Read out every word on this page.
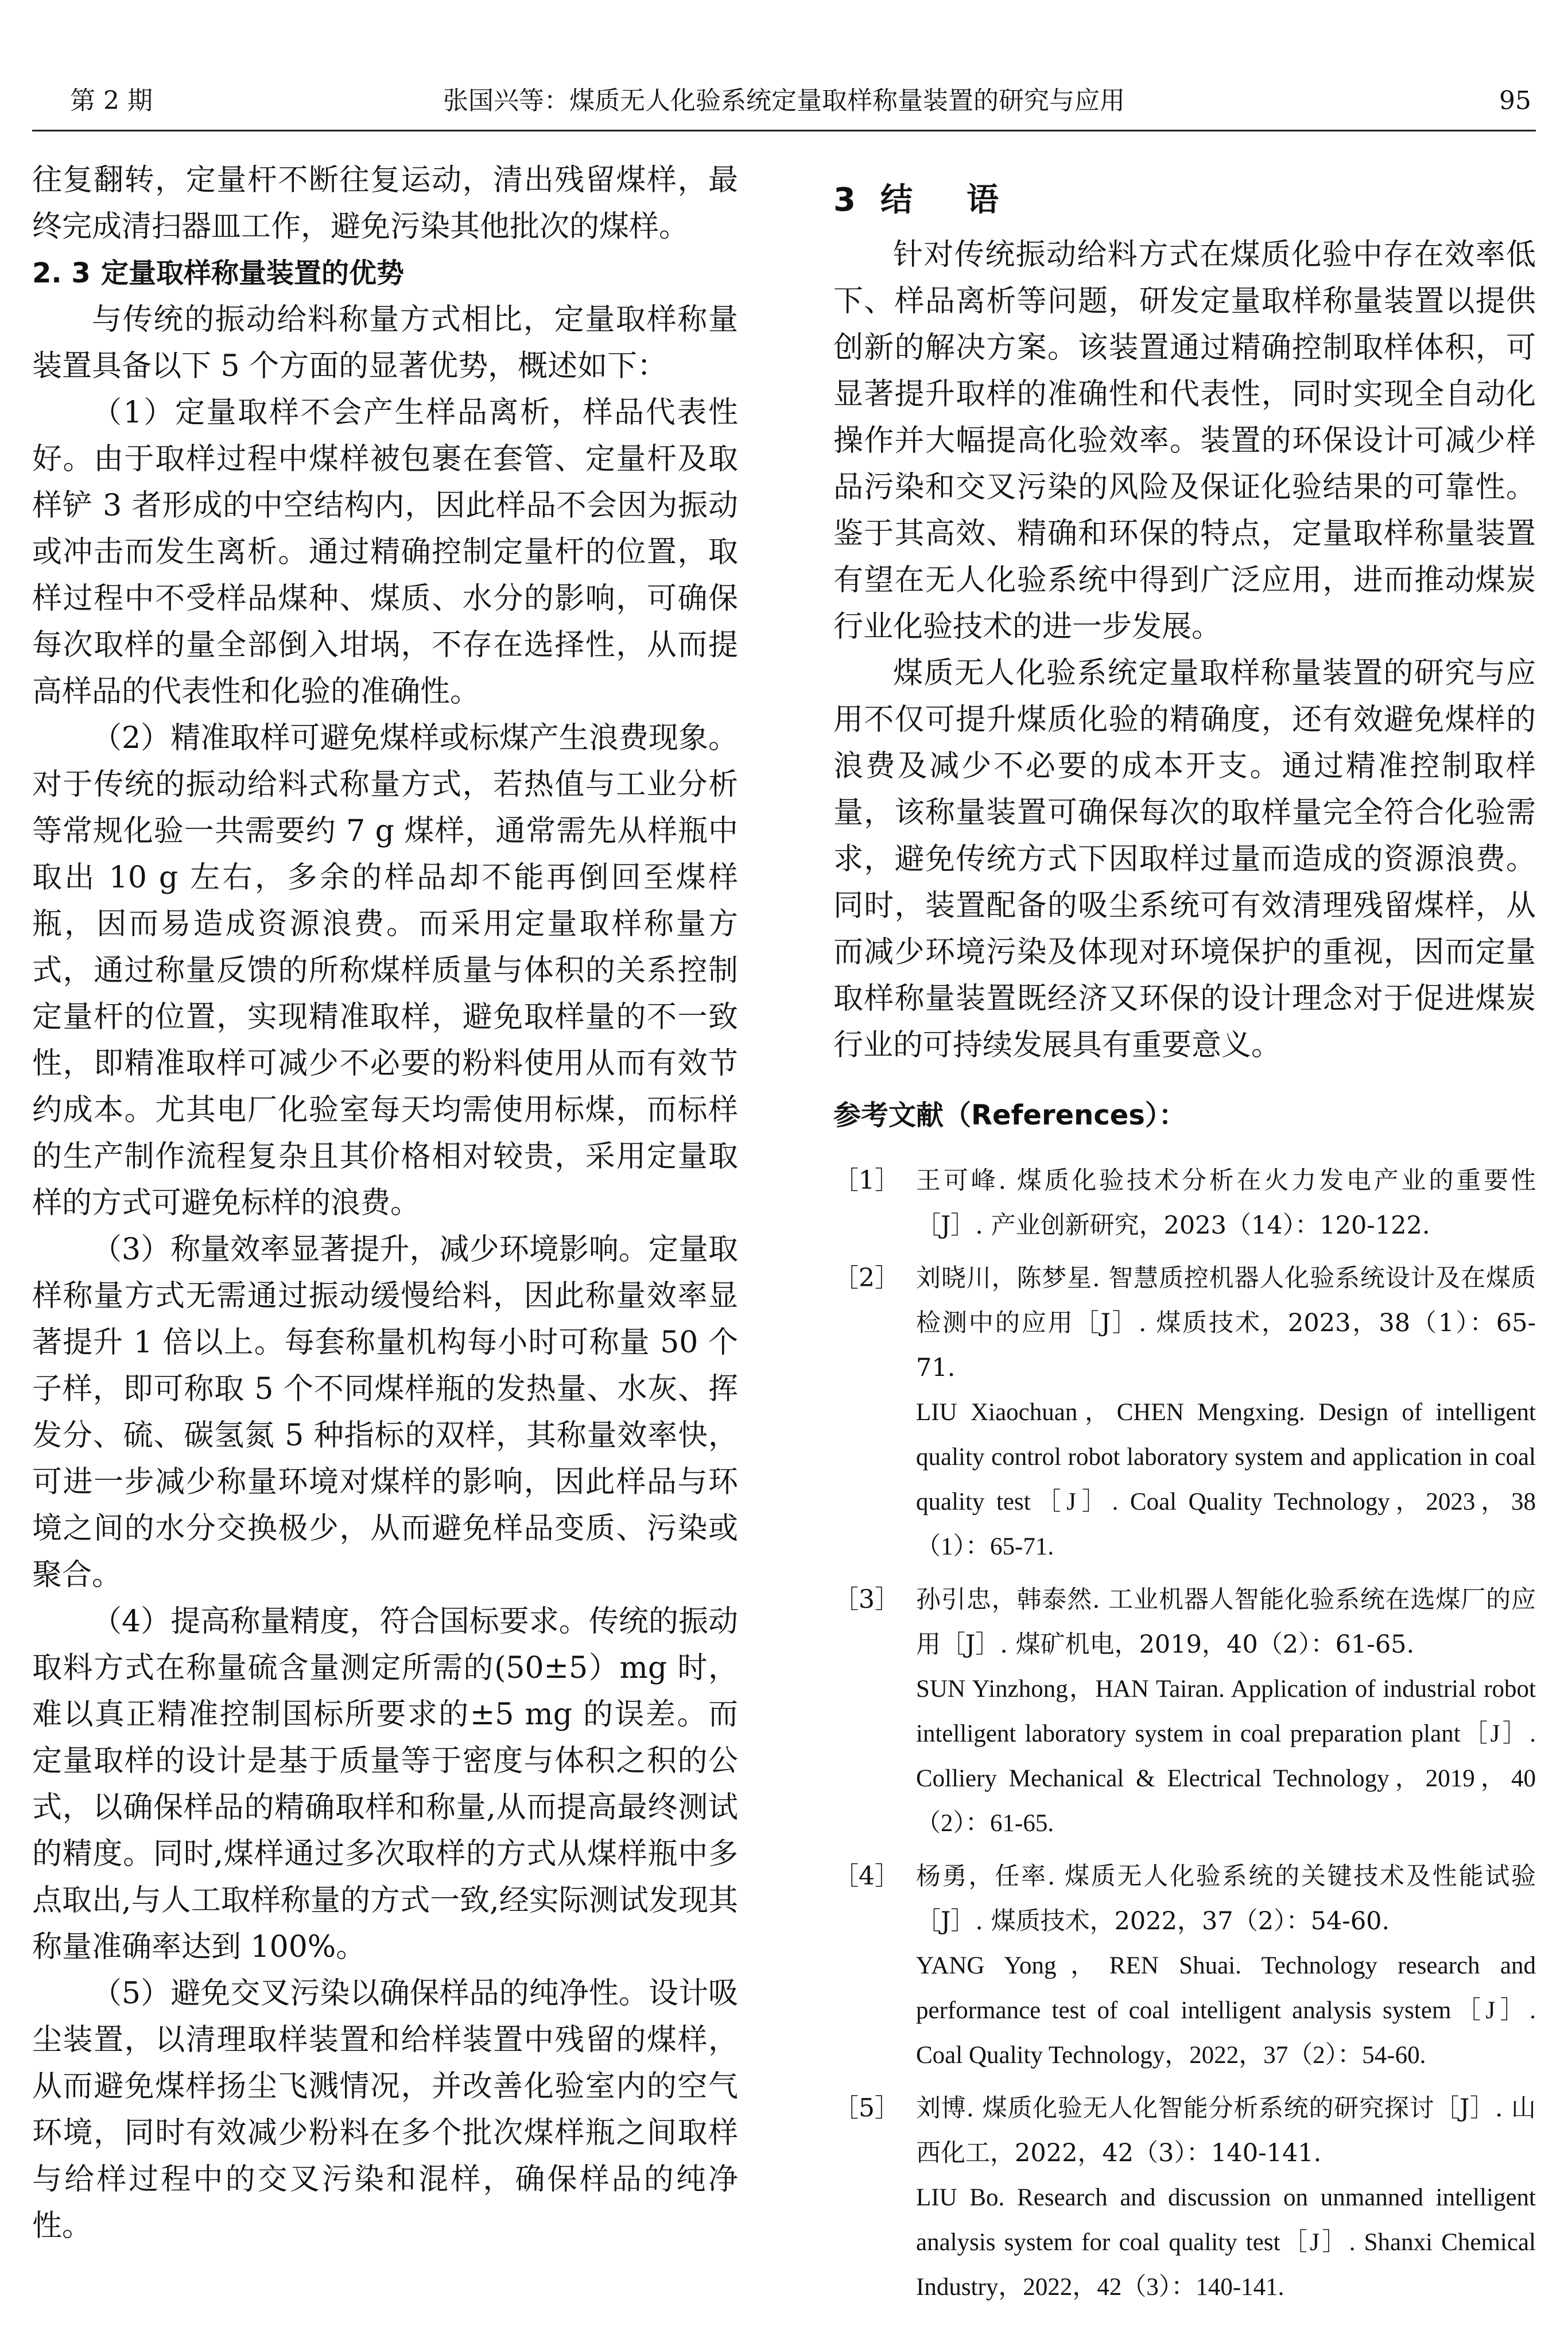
第 2 期	张国兴等：煤质无人化验系统定量取样称量装置的研究与应用	95

往复翻转，定量杆不断往复运动，清出残留煤样，最终完成清扫器皿工作，避免污染其他批次的煤样。

2. 3 定量取样称量装置的优势

与传统的振动给料称量方式相比，定量取样称量装置具备以下 5 个方面的显著优势，概述如下：

（1）定量取样不会产生样品离析，样品代表性好。由于取样过程中煤样被包裹在套管、定量杆及取样铲 3 者形成的中空结构内，因此样品不会因为振动或冲击而发生离析。通过精确控制定量杆的位置，取样过程中不受样品煤种、煤质、水分的影响，可确保每次取样的量全部倒入坩埚，不存在选择性，从而提高样品的代表性和化验的准确性。

（2）精准取样可避免煤样或标煤产生浪费现象。对于传统的振动给料式称量方式，若热值与工业分析等常规化验一共需要约 7 g 煤样，通常需先从样瓶中取出 10 g 左右，多余的样品却不能再倒回至煤样瓶，因而易造成资源浪费。而采用定量取样称量方式，通过称量反馈的所称煤样质量与体积的关系控制定量杆的位置，实现精准取样，避免取样量的不一致性，即精准取样可减少不必要的粉料使用从而有效节约成本。尤其电厂化验室每天均需使用标煤，而标样的生产制作流程复杂且其价格相对较贵，采用定量取样的方式可避免标样的浪费。

（3）称量效率显著提升，减少环境影响。定量取样称量方式无需通过振动缓慢给料，因此称量效率显著提升 1 倍以上。每套称量机构每小时可称量 50 个子样，即可称取 5 个不同煤样瓶的发热量、水灰、挥发分、硫、碳氢氮 5 种指标的双样，其称量效率快，可进一步减少称量环境对煤样的影响，因此样品与环境之间的水分交换极少，从而避免样品变质、污染或聚合。

（4）提高称量精度，符合国标要求。传统的振动取料方式在称量硫含量测定所需的(50±5）mg 时，难以真正精准控制国标所要求的±5 mg 的误差。而定量取样的设计是基于质量等于密度与体积之积的公式，以确保样品的精确取样和称量,从而提高最终测试的精度。同时,煤样通过多次取样的方式从煤样瓶中多点取出,与人工取样称量的方式一致,经实际测试发现其称量准确率达到 100%。

（5）避免交叉污染以确保样品的纯净性。设计吸尘装置，以清理取样装置和给样装置中残留的煤样，从而避免煤样扬尘飞溅情况，并改善化验室内的空气环境，同时有效减少粉料在多个批次煤样瓶之间取样与给样过程中的交叉污染和混样，确保样品的纯净性。

3 结 语

针对传统振动给料方式在煤质化验中存在效率低下、样品离析等问题，研发定量取样称量装置以提供创新的解决方案。该装置通过精确控制取样体积，可显著提升取样的准确性和代表性，同时实现全自动化操作并大幅提高化验效率。装置的环保设计可减少样品污染和交叉污染的风险及保证化验结果的可靠性。鉴于其高效、精确和环保的特点，定量取样称量装置有望在无人化验系统中得到广泛应用，进而推动煤炭行业化验技术的进一步发展。

煤质无人化验系统定量取样称量装置的研究与应用不仅可提升煤质化验的精确度，还有效避免煤样的浪费及减少不必要的成本开支。通过精准控制取样量，该称量装置可确保每次的取样量完全符合化验需求，避免传统方式下因取样过量而造成的资源浪费。同时，装置配备的吸尘系统可有效清理残留煤样，从而减少环境污染及体现对环境保护的重视，因而定量取样称量装置既经济又环保的设计理念对于促进煤炭行业的可持续发展具有重要意义。

参考文献（References）：
［1］ 王可峰. 煤质化验技术分析在火力发电产业的重要性［J］. 产业创新研究，2023（14）：120-122.
［2］ 刘晓川，陈梦星. 智慧质控机器人化验系统设计及在煤质检测中的应用［J］. 煤质技术，2023，38（1）：65-71.
LIU Xiaochuan，CHEN Mengxing. Design of intelligent quality control robot laboratory system and application in coal quality test［J］. Coal Quality Technology，2023，38（1）：65-71.
［3］ 孙引忠，韩泰然. 工业机器人智能化验系统在选煤厂的应用［J］. 煤矿机电，2019，40（2）：61-65.
SUN Yinzhong，HAN Tairan. Application of industrial robot intelligent laboratory system in coal preparation plant［J］. Colliery Mechanical & Electrical Technology，2019，40（2）：61-65.
［4］ 杨勇，任率. 煤质无人化验系统的关键技术及性能试验［J］. 煤质技术，2022，37（2）：54-60.
YANG Yong，REN Shuai. Technology research and performance test of coal intelligent analysis system［J］. Coal Quality Technology，2022，37（2）：54-60.
［5］ 刘博. 煤质化验无人化智能分析系统的研究探讨［J］. 山西化工，2022，42（3）：140-141.
LIU Bo. Research and discussion on unmanned intelligent analysis system for coal quality test［J］. Shanxi Chemical Industry，2022，42（3）：140-141.
